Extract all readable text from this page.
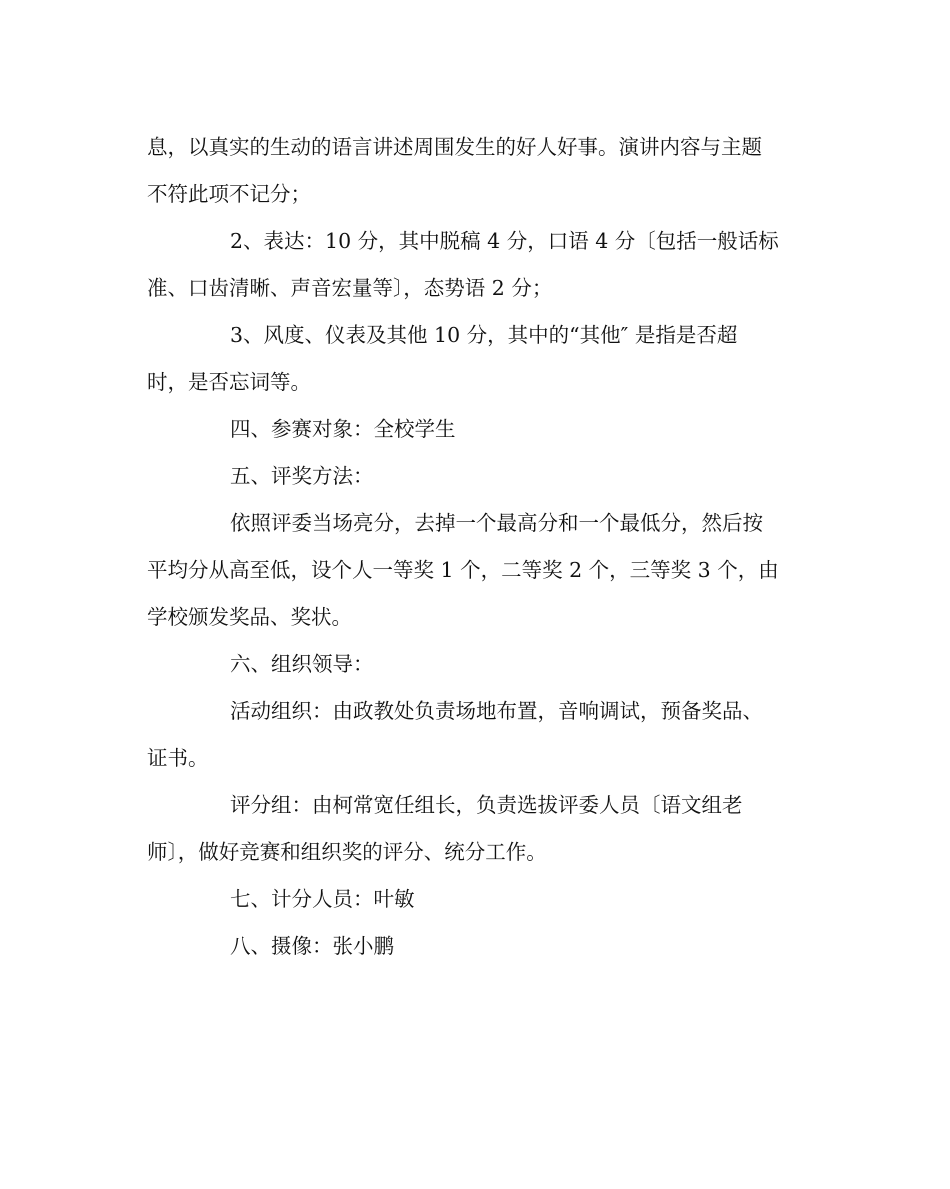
息，以真实的生动的语言讲述周围发生的好人好事。演讲内容与主题
不符此项不记分；
2、表达：10 分，其中脱稿 4 分，口语 4 分〔包括一般话标
准、口齿清晰、声音宏量等〕，态势语 2 分；
3、风度、仪表及其他 10 分，其中的“其他″ 是指是否超
时，是否忘词等。
四、参赛对象：全校学生
五、评奖方法：
依照评委当场亮分，去掉一个最高分和一个最低分，然后按
平均分从高至低，设个人一等奖 1 个，二等奖 2 个，三等奖 3 个，由
学校颁发奖品、奖状。
六、组织领导：
活动组织：由政教处负责场地布置，音响调试，预备奖品、
证书。
评分组：由柯常宽任组长，负责选拔评委人员〔语文组老
师〕，做好竞赛和组织奖的评分、统分工作。
七、计分人员：叶敏
八、摄像：张小鹏
